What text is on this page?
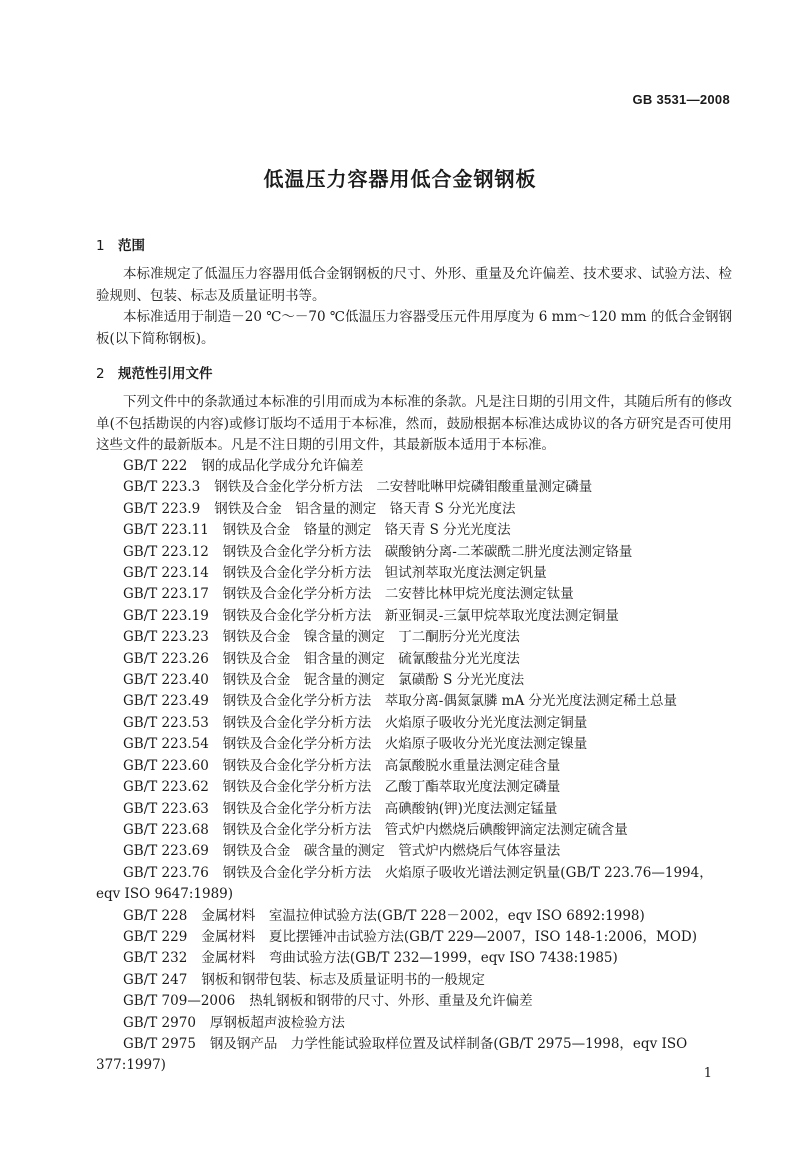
GB 3531—2008
低温压力容器用低合金钢钢板
1 范围
本标准规定了低温压力容器用低合金钢钢板的尺寸、外形、重量及允许偏差、技术要求、试验方法、检验规则、包装、标志及质量证明书等。
本标准适用于制造－20 ℃～－70 ℃低温压力容器受压元件用厚度为 6 mm～120 mm 的低合金钢钢板(以下简称钢板)。
2 规范性引用文件
下列文件中的条款通过本标准的引用而成为本标准的条款。凡是注日期的引用文件，其随后所有的修改单(不包括勘误的内容)或修订版均不适用于本标准，然而，鼓励根据本标准达成协议的各方研究是否可使用这些文件的最新版本。凡是不注日期的引用文件，其最新版本适用于本标准。
GB/T 222 钢的成品化学成分允许偏差
GB/T 223.3 钢铁及合金化学分析方法　二安替吡啉甲烷磷钼酸重量测定磷量
GB/T 223.9 钢铁及合金　铝含量的测定　铬天青 S 分光光度法
GB/T 223.11 钢铁及合金　铬量的测定　铬天青 S 分光光度法
GB/T 223.12 钢铁及合金化学分析方法　碳酸钠分离-二苯碳酰二肼光度法测定铬量
GB/T 223.14 钢铁及合金化学分析方法　钽试剂萃取光度法测定钒量
GB/T 223.17 钢铁及合金化学分析方法　二安替比林甲烷光度法测定钛量
GB/T 223.19 钢铁及合金化学分析方法　新亚铜灵-三氯甲烷萃取光度法测定铜量
GB/T 223.23 钢铁及合金　镍含量的测定　丁二酮肟分光光度法
GB/T 223.26 钢铁及合金　钼含量的测定　硫氰酸盐分光光度法
GB/T 223.40 钢铁及合金　铌含量的测定　氯磺酚 S 分光光度法
GB/T 223.49 钢铁及合金化学分析方法　萃取分离-偶氮氯膦 mA 分光光度法测定稀土总量
GB/T 223.53 钢铁及合金化学分析方法　火焰原子吸收分光光度法测定铜量
GB/T 223.54 钢铁及合金化学分析方法　火焰原子吸收分光光度法测定镍量
GB/T 223.60 钢铁及合金化学分析方法　高氯酸脱水重量法测定硅含量
GB/T 223.62 钢铁及合金化学分析方法　乙酸丁酯萃取光度法测定磷量
GB/T 223.63 钢铁及合金化学分析方法　高碘酸钠(钾)光度法测定锰量
GB/T 223.68 钢铁及合金化学分析方法　管式炉内燃烧后碘酸钾滴定法测定硫含量
GB/T 223.69 钢铁及合金　碳含量的测定　管式炉内燃烧后气体容量法
GB/T 223.76 钢铁及合金化学分析方法　火焰原子吸收光谱法测定钒量(GB/T 223.76—1994，eqv ISO 9647:1989)
GB/T 228 金属材料　室温拉伸试验方法(GB/T 228－2002，eqv ISO 6892:1998)
GB/T 229 金属材料　夏比摆锤冲击试验方法(GB/T 229—2007，ISO 148-1:2006，MOD)
GB/T 232 金属材料　弯曲试验方法(GB/T 232—1999，eqv ISO 7438:1985)
GB/T 247 钢板和钢带包装、标志及质量证明书的一般规定
GB/T 709—2006 热轧钢板和钢带的尺寸、外形、重量及允许偏差
GB/T 2970 厚钢板超声波检验方法
GB/T 2975 钢及钢产品　力学性能试验取样位置及试样制备(GB/T 2975—1998，eqv ISO 377:1997)
1
